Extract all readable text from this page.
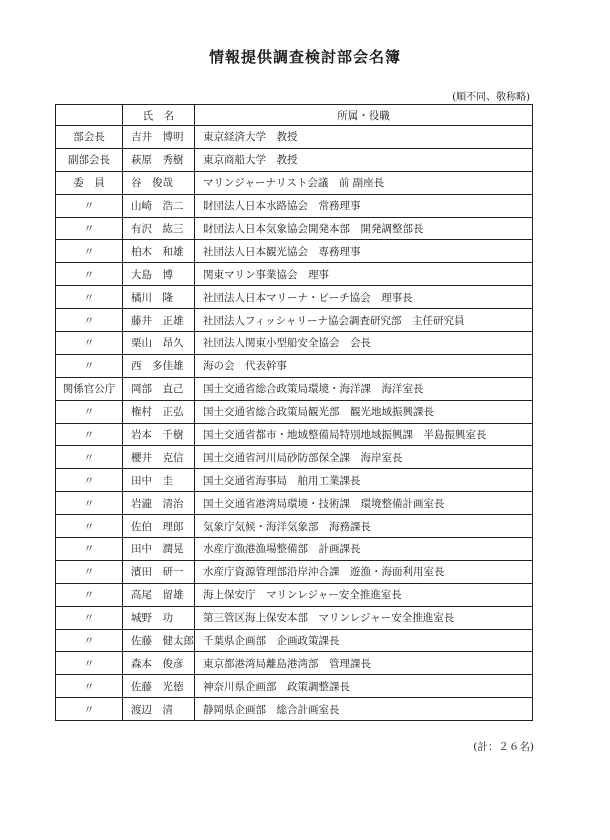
情報提供調査検討部会名簿
(順不同、敬称略)
	氏　名	所属・役職
部会長	吉井　博明	東京経済大学　教授
副部会長	萩原　秀樹	東京商船大学　教授
委　員	谷　俊哉	マリンジャーナリスト会議　前 副座長
〃	山崎　浩二	財団法人日本水路協会　常務理事
〃	有沢　紘三	財団法人日本気象協会開発本部　開発調整部長
〃	柏木　和雄	社団法人日本観光協会　専務理事
〃	大島　博	関東マリン事業協会　理事
〃	橘川　隆	社団法人日本マリーナ・ビーチ協会　理事長
〃	藤井　正雄	社団法人フィッシャリーナ協会調査研究部　主任研究員
〃	栗山　昂久	社団法人関東小型船安全協会　会長
〃	西　多佳雄	海の会　代表幹事
関係官公庁	岡部　直己	国土交通省総合政策局環境・海洋課　海洋室長
〃	権村　正弘	国土交通省総合政策局観光部　観光地域振興課長
〃	岩本　千樹	国土交通省都市・地域整備局特別地域振興課　半島振興室長
〃	櫻井　克信	国土交通省河川局砂防部保全課　海岸室長
〃	田中　圭	国土交通省海事局　舶用工業課長
〃	岩瀧　清治	国土交通省港湾局環境・技術課　環境整備計画室長
〃	佐伯　理郎	気象庁気候・海洋気象部　海務課長
〃	田中　潤晃	水産庁漁港漁場整備部　計画課長
〃	濱田　研一	水産庁資源管理部沿岸沖合課　遊漁・海面利用室長
〃	高尾　留雄	海上保安庁　マリンレジャー安全推進室長
〃	城野　功	第三管区海上保安本部　マリンレジャー安全推進室長
〃	佐藤　健太郎	千葉県企画部　企画政策課長
〃	森本　俊彦	東京都港湾局離島港湾部　管理課長
〃	佐藤　光徳	神奈川県企画部　政策調整課長
〃	渡辺　清	静岡県企画部　総合計画室長
(計：２６名)
